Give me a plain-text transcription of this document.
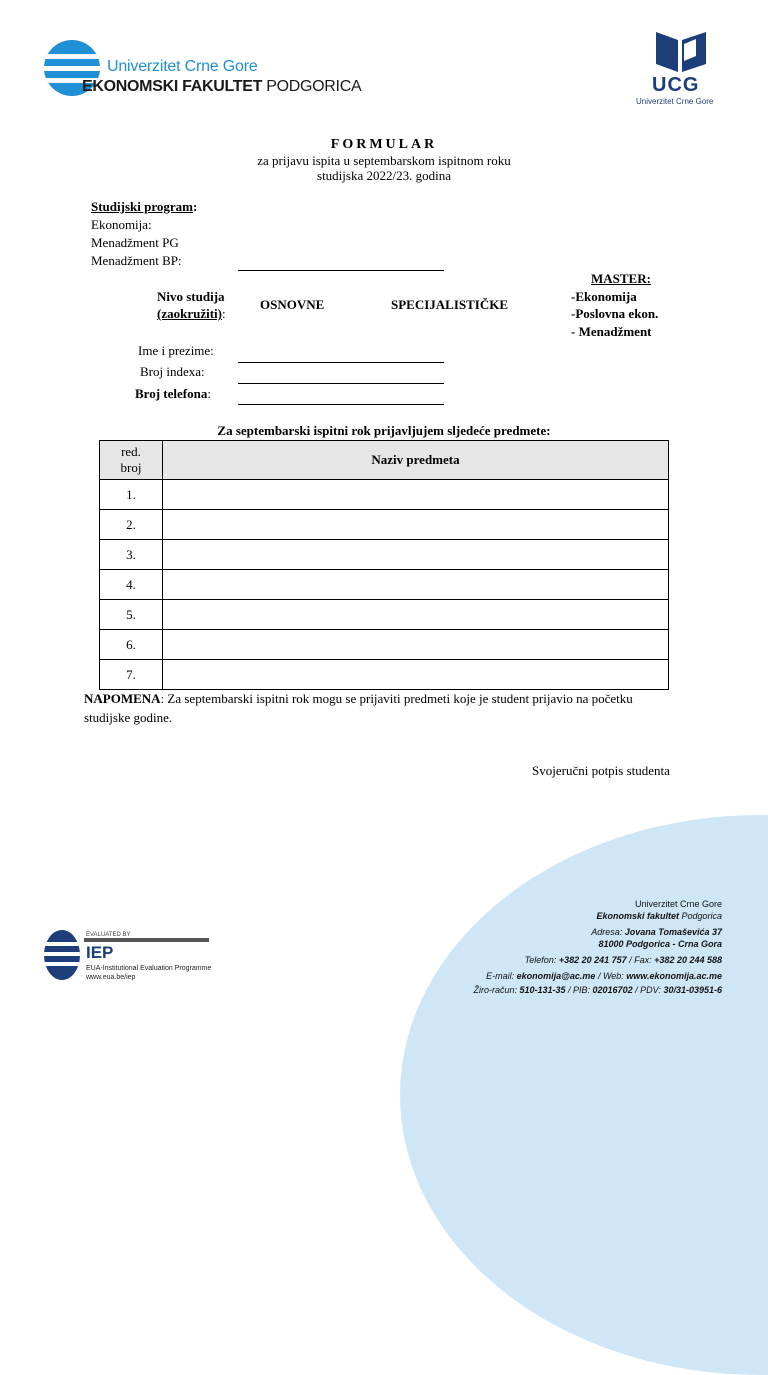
Univerzitet Crne Gore
EKONOMSKI FAKULTET PODGORICA	UCG
Univerzitet Crne Gore
FORMULAR
za prijavu ispita u septembarskom ispitnom roku
studijska 2022/23. godina
Studijski program:
Ekonomija:
Menadžment PG
Menadžment BP:
Nivo studija
(zaokružiti):
OSNOVNE	SPECIJALISTIČKE
MASTER:
-Ekonomija
-Poslovna ekon.
- Menadžment
Ime i prezime:
Broj indexa:
Broj telefona:
Za septembarski ispitni rok prijavljujem sljedeće predmete:
red.
broj	Naziv predmeta
1.	
2.	
3.	
4.	
5.	
6.	
7.	
NAPOMENA: Za septembarski ispitni rok mogu se prijaviti predmeti koje je student prijavio na početku
studijske godine.
Svojeručni potpis studenta
Univerzitet Crne Gore
Ekonomski fakultet Podgorica
Adresa: Jovana Tomaševića 37
81000 Podgorica - Crna Gora
Telefon: +382 20 241 757 / Fax: +382 20 244 588
E-mail: ekonomija@ac.me / Web: www.ekonomija.ac.me
Žiro-račun: 510-131-35 / PIB: 02016702 / PDV: 30/31-03951-6
EVALUATED BY
IEP
EUA-Institutional Evaluation Programme
www.eua.be/iep
